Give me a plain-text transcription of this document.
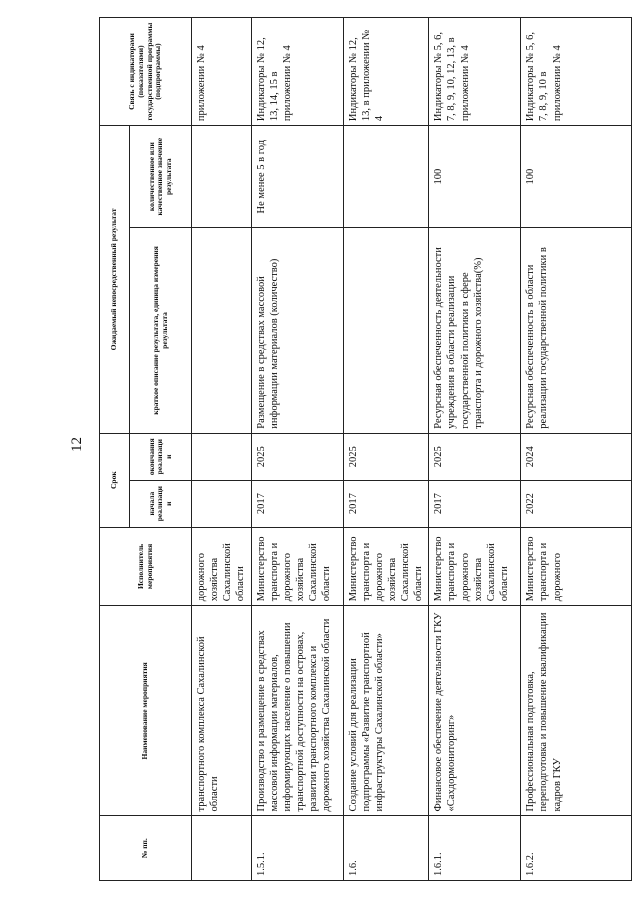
12
№ пп.	Наименование мероприятия	Исполнитель мероприятия	Срок		Ожидаемый непосредственный результат		Связь с индикаторами (показателями) государственной программы (подпрограммы)
			начала реализации	окончания реализации	краткое описание результата, единица измерения результата	количественное или качественное значение результата	
	транспортного комплекса Сахалинской области	дорожного хозяйства Сахалинской области					приложении № 4
1.5.1.	Производство и размещение в средствах массовой информации материалов, информирующих население о повышении транспортной доступности на островах, развитии транспортного комплекса и дорожного хозяйства Сахалинской области	Министерство транспорта и дорожного хозяйства Сахалинской области	2017	2025	Размещение в средствах массовой информации материалов (количество)	Не менее 5 в год	Индикаторы № 12, 13, 14, 15 в приложении № 4
1.6.	Создание условий для реализации подпрограммы «Развитие транспортной инфраструктуры Сахалинской области»	Министерство транспорта и дорожного хозяйства Сахалинской области	2017	2025			Индикаторы № 12, 13, в приложении № 4
1.6.1.	Финансовое обеспечение деятельности ГКУ «Сахдормониторинг»	Министерство транспорта и дорожного хозяйства Сахалинской области	2017	2025	Ресурсная обеспеченность деятельности учреждения в области реализации государственной политики в сфере транспорта и дорожного хозяйства(%)	100	Индикаторы № 5, 6, 7, 8, 9, 10, 12, 13, в приложении № 4
1.6.2.	Профессиональная подготовка, переподготовка и повышение квалификации кадров ГКУ	Министерство транспорта и дорожного	2022	2024	Ресурсная обеспеченность в области реализации государственной политики в	100	Индикаторы № 5, 6, 7, 8, 9, 10 в приложении № 4
